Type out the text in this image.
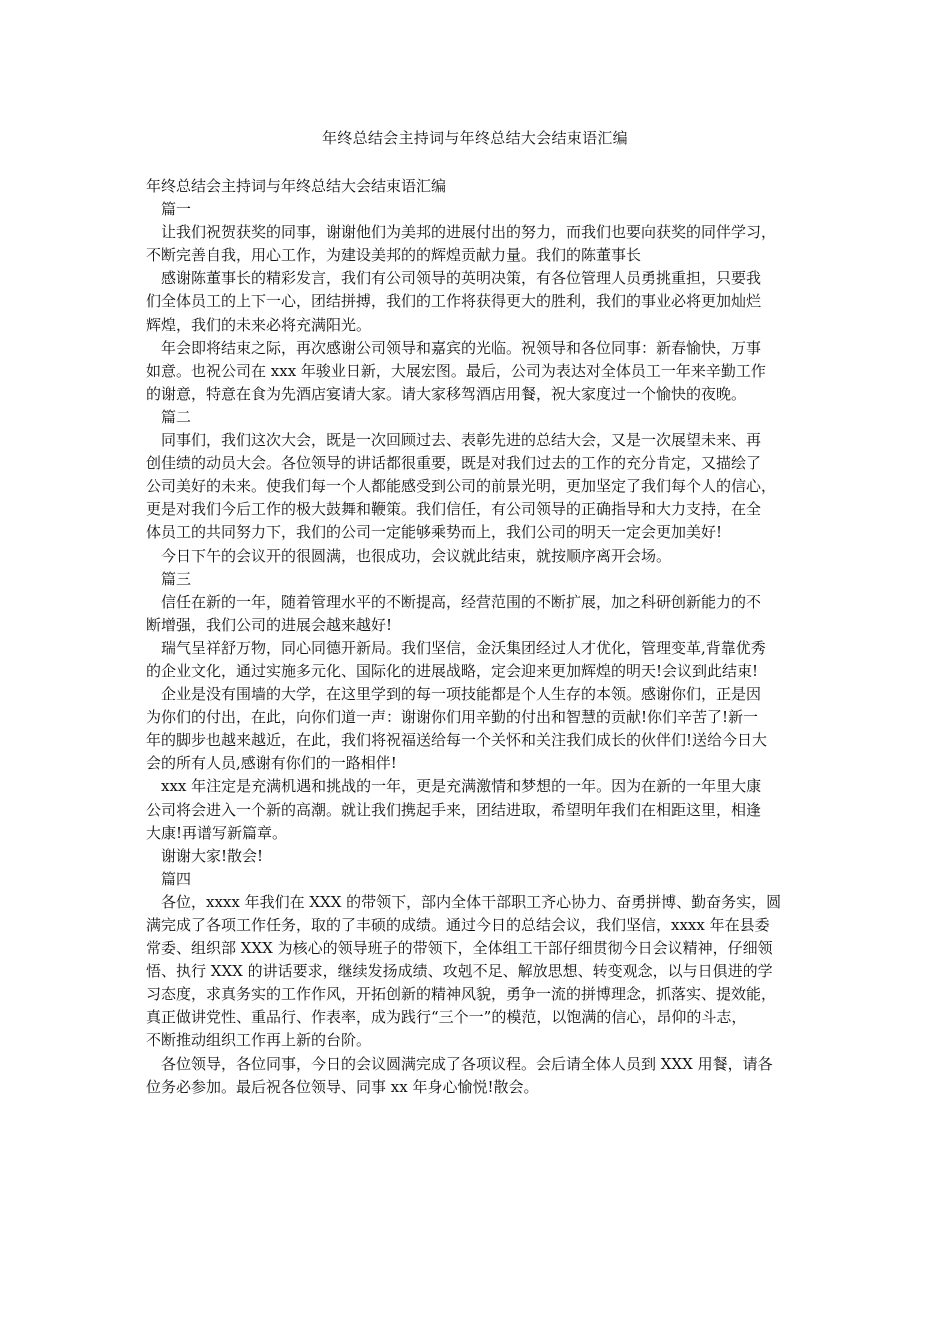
年终总结会主持词与年终总结大会结束语汇编
年终总结会主持词与年终总结大会结束语汇编
篇一
让我们祝贺获奖的同事，谢谢他们为美邦的进展付出的努力，而我们也要向获奖的同伴学习，
不断完善自我，用心工作，为建设美邦的的辉煌贡献力量。我们的陈董事长
感谢陈董事长的精彩发言，我们有公司领导的英明决策，有各位管理人员勇挑重担，只要我
们全体员工的上下一心，团结拼搏，我们的工作将获得更大的胜利，我们的事业必将更加灿烂
辉煌，我们的未来必将充满阳光。
年会即将结束之际，再次感谢公司领导和嘉宾的光临。祝领导和各位同事：新春愉快，万事
如意。也祝公司在 xxx 年骏业日新，大展宏图。最后，公司为表达对全体员工一年来辛勤工作
的谢意，特意在食为先酒店宴请大家。请大家移驾酒店用餐，祝大家度过一个愉快的夜晚。
篇二
同事们，我们这次大会，既是一次回顾过去、表彰先进的总结大会，又是一次展望未来、再
创佳绩的动员大会。各位领导的讲话都很重要，既是对我们过去的工作的充分肯定，又描绘了
公司美好的未来。使我们每一个人都能感受到公司的前景光明，更加坚定了我们每个人的信心，
更是对我们今后工作的极大鼓舞和鞭策。我们信任，有公司领导的正确指导和大力支持，在全
体员工的共同努力下，我们的公司一定能够乘势而上，我们公司的明天一定会更加美好!
今日下午的会议开的很圆满，也很成功，会议就此结束，就按顺序离开会场。
篇三
信任在新的一年，随着管理水平的不断提高，经营范围的不断扩展，加之科研创新能力的不
断增强，我们公司的进展会越来越好!
瑞气呈祥舒万物，同心同德开新局。我们坚信，金沃集团经过人才优化，管理变革,背靠优秀
的企业文化，通过实施多元化、国际化的进展战略，定会迎来更加辉煌的明天!会议到此结束!
企业是没有围墙的大学，在这里学到的每一项技能都是个人生存的本领。感谢你们，正是因
为你们的付出，在此，向你们道一声：谢谢你们用辛勤的付出和智慧的贡献!你们辛苦了!新一
年的脚步也越来越近，在此，我们将祝福送给每一个关怀和关注我们成长的伙伴们!送给今日大
会的所有人员,感谢有你们的一路相伴!
xxx 年注定是充满机遇和挑战的一年，更是充满激情和梦想的一年。因为在新的一年里大康
公司将会进入一个新的高潮。就让我们携起手来，团结进取，希望明年我们在相距这里，相逢
大康!再谱写新篇章。
谢谢大家!散会!
篇四
各位，xxxx 年我们在 XXX 的带领下，部内全体干部职工齐心协力、奋勇拼博、勤奋务实，圆
满完成了各项工作任务，取的了丰硕的成绩。通过今日的总结会议，我们坚信，xxxx 年在县委
常委、组织部 XXX 为核心的领导班子的带领下，全体组工干部仔细贯彻今日会议精神，仔细领
悟、执行 XXX 的讲话要求，继续发扬成绩、攻剋不足、解放思想、转变观念，以与日俱进的学
习态度，求真务实的工作作风，开拓创新的精神风貌，勇争一流的拼博理念，抓落实、提效能，
真正做讲党性、重品行、作表率，成为践行“三个一”的模范，以饱满的信心，昂仰的斗志，
不断推动组织工作再上新的台阶。
各位领导，各位同事，今日的会议圆满完成了各项议程。会后请全体人员到 XXX 用餐，请各
位务必参加。最后祝各位领导、同事 xx 年身心愉悦!散会。
